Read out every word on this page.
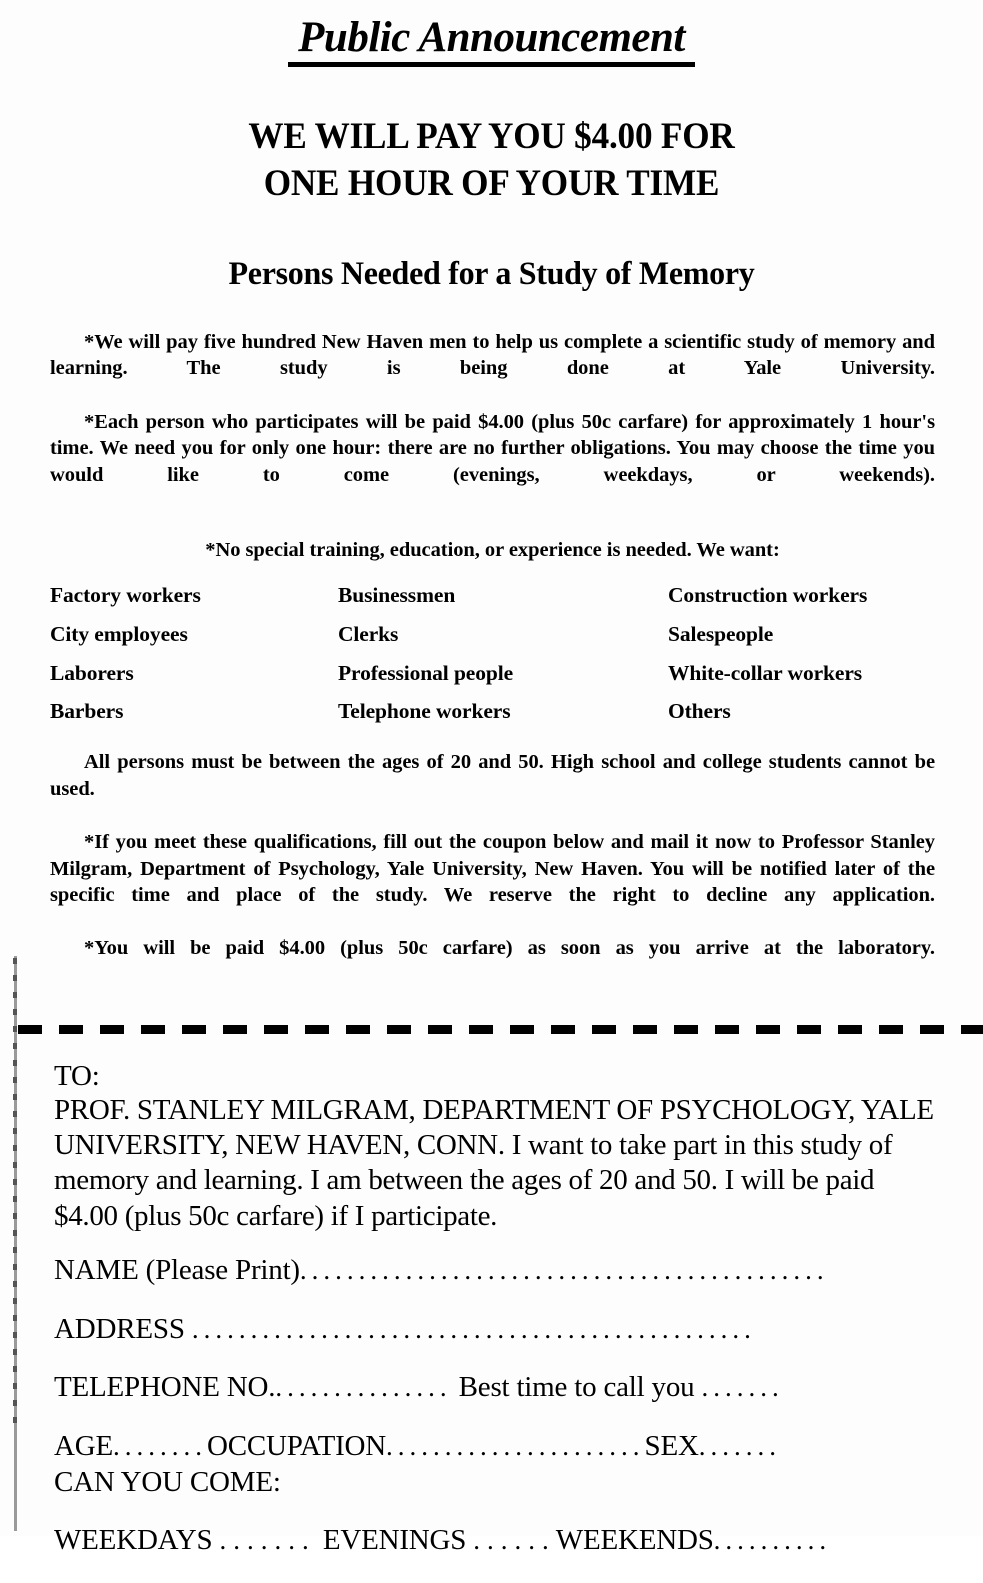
Public Announcement
WE WILL PAY YOU $4.00 FOR
ONE HOUR OF YOUR TIME
Persons Needed for a Study of Memory

*We will pay five hundred New Haven men to help us complete a scientific study of memory and learning. The study is being done at Yale University.

*Each person who participates will be paid $4.00 (plus 50c carfare) for approximately 1 hour's time. We need you for only one hour: there are no further obligations. You may choose the time you would like to come (evenings, weekdays, or weekends).

*No special training, education, or experience is needed. We want:

Factory workers	Businessmen	Construction workers
City employees	Clerks	Salespeople
Laborers	Professional people	White-collar workers
Barbers	Telephone workers	Others

All persons must be between the ages of 20 and 50. High school and college students cannot be used.

*If you meet these qualifications, fill out the coupon below and mail it now to Professor Stanley Milgram, Department of Psychology, Yale University, New Haven. You will be notified later of the specific time and place of the study. We reserve the right to decline any application.

*You will be paid $4.00 (plus 50c carfare) as soon as you arrive at the laboratory.

TO:

PROF. STANLEY MILGRAM, DEPARTMENT OF PSYCHOLOGY, YALE UNIVERSITY, NEW HAVEN, CONN. I want to take part in this study of memory and learning. I am between the ages of 20 and 50. I will be paid $4.00 (plus 50c carfare) if I participate.

NAME (Please Print).............................................
ADDRESS ................................................
TELEPHONE NO................ Best time to call you .......
AGE........OCCUPATION......................SEX.......
CAN YOU COME:
WEEKDAYS ....... EVENINGS ......WEEKENDS..........
